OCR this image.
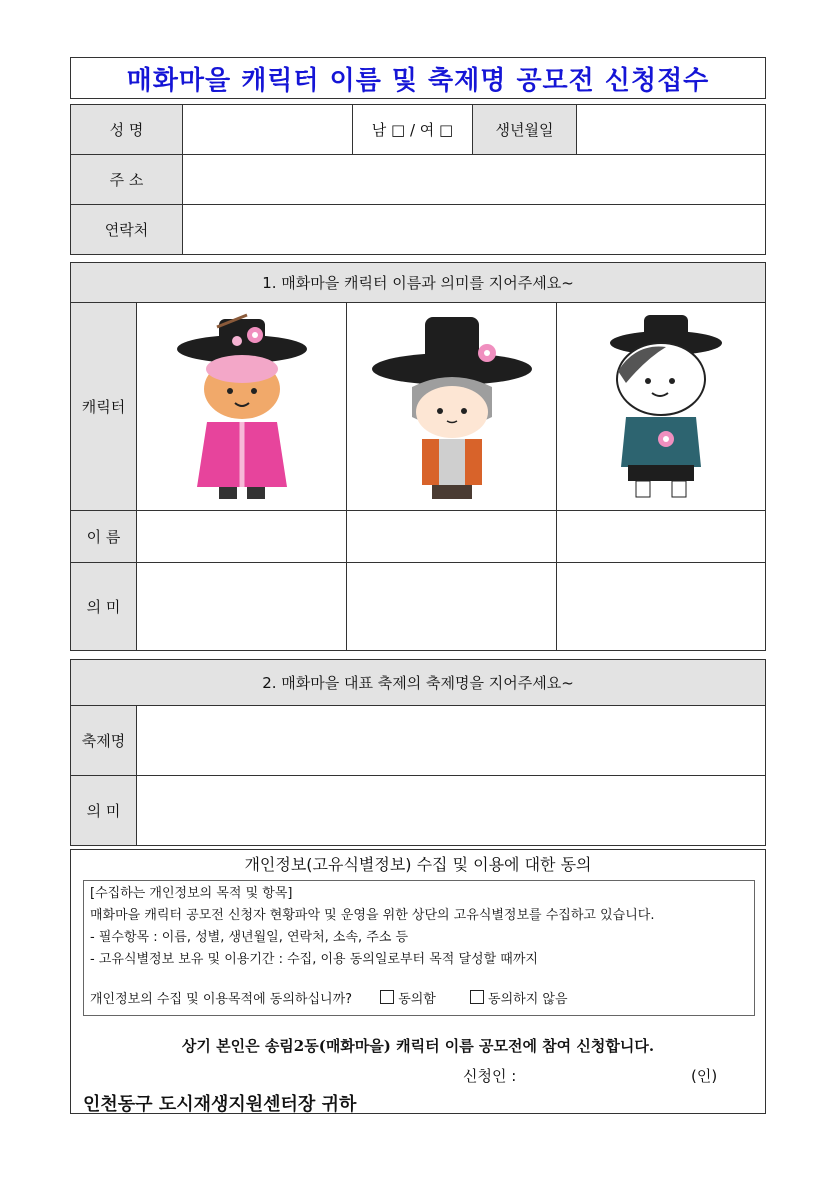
매화마을 캐릭터 이름 및 축제명 공모전 신청접수
성 명		남 □ / 여 □	생년월일	
주 소				
연락처				
1. 매화마을 캐릭터 이름과 의미를 지어주세요~			
캐릭터	

이 름			
의 미			
2. 매화마을 대표 축제의 축제명을 지어주세요~	
축제명	
의 미	
개인정보(고유식별정보) 수집 및 이용에 대한 동의
[수집하는 개인정보의 목적 및 항목]
매화마을 캐릭터 공모전 신청자 현황파악 및 운영을 위한 상단의 고유식별정보를 수집하고 있습니다.
- 필수항목 : 이름, 성별, 생년월일, 연락처, 소속, 주소 등
- 고유식별정보 보유 및 이용기간 : 수집, 이용 동의일로부터 목적 달성할 때까지
개인정보의 수집 및 이용목적에 동의하십니까?	동의함	동의하지 않음
상기 본인은 송림2동(매화마을) 캐릭터 이름 공모전에 참여 신청합니다.
신청인 :	(인)
인천동구 도시재생지원센터장 귀하
